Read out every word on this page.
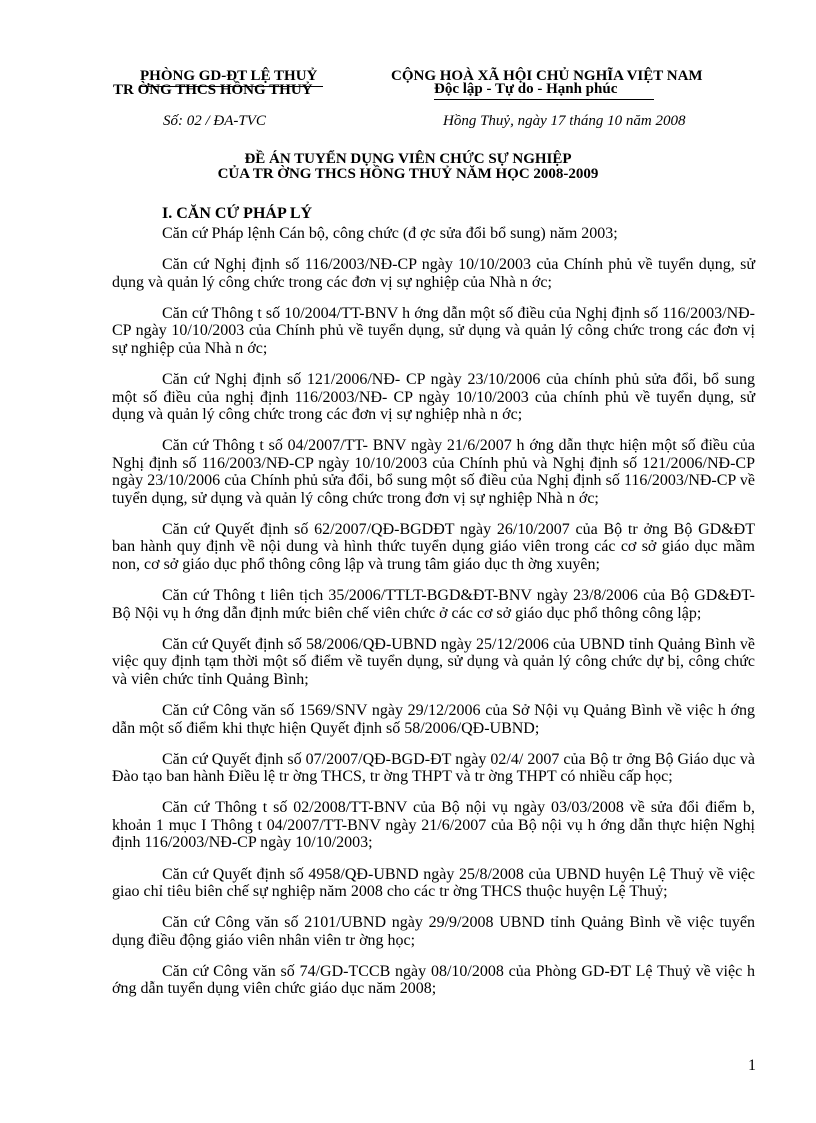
PHÒNG GD-ĐT LỆ THUỶ
TR ỜNG THCS HỒNG THUỶ
CỘNG HOÀ XÃ HỘI CHỦ NGHĨA VIỆT NAM
Độc lập - Tự do - Hạnh phúc
Số: 02 / ĐA-TVC	Hồng Thuỷ, ngày 17 tháng 10 năm 2008
ĐỀ ÁN TUYỂN DỤNG VIÊN CHỨC SỰ NGHIỆP
CỦA TR ỜNG THCS HỒNG THUỶ NĂM HỌC 2008-2009
I. CĂN CỨ PHÁP LÝ

Căn cứ Pháp lệnh Cán bộ, công chức (đ ợc sửa đổi bổ sung) năm 2003;

Căn cứ Nghị định số 116/2003/NĐ-CP ngày 10/10/2003 của Chính phủ về tuyển dụng, sử dụng và quản lý công chức trong các đơn vị sự nghiệp của Nhà n ớc;

Căn cứ Thông t số 10/2004/TT-BNV h ớng dẫn một số điều của Nghị định số 116/2003/NĐ-CP ngày 10/10/2003 của Chính phủ về tuyển dụng, sử dụng và quản lý công chức trong các đơn vị sự nghiệp của Nhà n ớc;

Căn cứ Nghị định số 121/2006/NĐ- CP ngày 23/10/2006 của chính phủ sửa đổi, bổ sung một số điều của nghị định 116/2003/NĐ- CP ngày 10/10/2003 của chính phủ về tuyển dụng, sử dụng và quản lý công chức trong các đơn vị sự nghiệp nhà n ớc;

Căn cứ Thông t số 04/2007/TT- BNV ngày 21/6/2007 h ớng dẫn thực hiện một số điều của Nghị định số 116/2003/NĐ-CP ngày 10/10/2003 của Chính phủ và Nghị định số 121/2006/NĐ-CP ngày 23/10/2006 của Chính phủ sửa đổi, bổ sung một số điều của Nghị định số 116/2003/NĐ-CP về tuyển dụng, sử dụng và quản lý công chức trong đơn vị sự nghiệp Nhà n ớc;

Căn cứ Quyết định số 62/2007/QĐ-BGDĐT ngày 26/10/2007 của Bộ tr ởng Bộ GD&ĐT ban hành quy định về nội dung và hình thức tuyển dụng giáo viên trong các cơ sở giáo dục mầm non, cơ sở giáo dục phổ thông công lập và trung tâm giáo dục th ờng xuyên;

Căn cứ Thông t liên tịch 35/2006/TTLT-BGD&ĐT-BNV ngày 23/8/2006 của Bộ GD&ĐT-Bộ Nội vụ h ớng dẫn định mức biên chế viên chức ở các cơ sở giáo dục phổ thông công lập;

Căn cứ Quyết định số 58/2006/QĐ-UBND ngày 25/12/2006 của UBND tỉnh Quảng Bình về việc quy định tạm thời một số điểm về tuyển dụng, sử dụng và quản lý công chức dự bị, công chức và viên chức tỉnh Quảng Bình;

Căn cứ Công văn số 1569/SNV ngày 29/12/2006 của Sở Nội vụ Quảng Bình về việc h ớng dẫn một số điểm khi thực hiện Quyết định số 58/2006/QĐ-UBND;

Căn cứ Quyết định số 07/2007/QĐ-BGD-ĐT ngày 02/4/ 2007 của Bộ tr ởng Bộ Giáo dục và Đào tạo ban hành Điều lệ tr ờng THCS, tr ờng THPT và tr ờng THPT có nhiều cấp học;

Căn cứ Thông t số 02/2008/TT-BNV của Bộ nội vụ ngày 03/03/2008 về sửa đổi điểm b, khoản 1 mục I Thông t 04/2007/TT-BNV ngày 21/6/2007 của Bộ nội vụ h ớng dẫn thực hiện Nghị định 116/2003/NĐ-CP ngày 10/10/2003;

Căn cứ Quyết định số 4958/QĐ-UBND ngày 25/8/2008 của UBND huyện Lệ Thuỷ về việc giao chỉ tiêu biên chế sự nghiệp năm 2008 cho các tr ờng THCS thuộc huyện Lệ Thuỷ;

Căn cứ Công văn số 2101/UBND ngày 29/9/2008 UBND tỉnh Quảng Bình về việc tuyển dụng điều động giáo viên nhân viên tr ờng học;

Căn cứ Công văn số 74/GD-TCCB ngày 08/10/2008 của Phòng GD-ĐT Lệ Thuỷ về việc h ớng dẫn tuyển dụng viên chức giáo dục năm 2008;

1
